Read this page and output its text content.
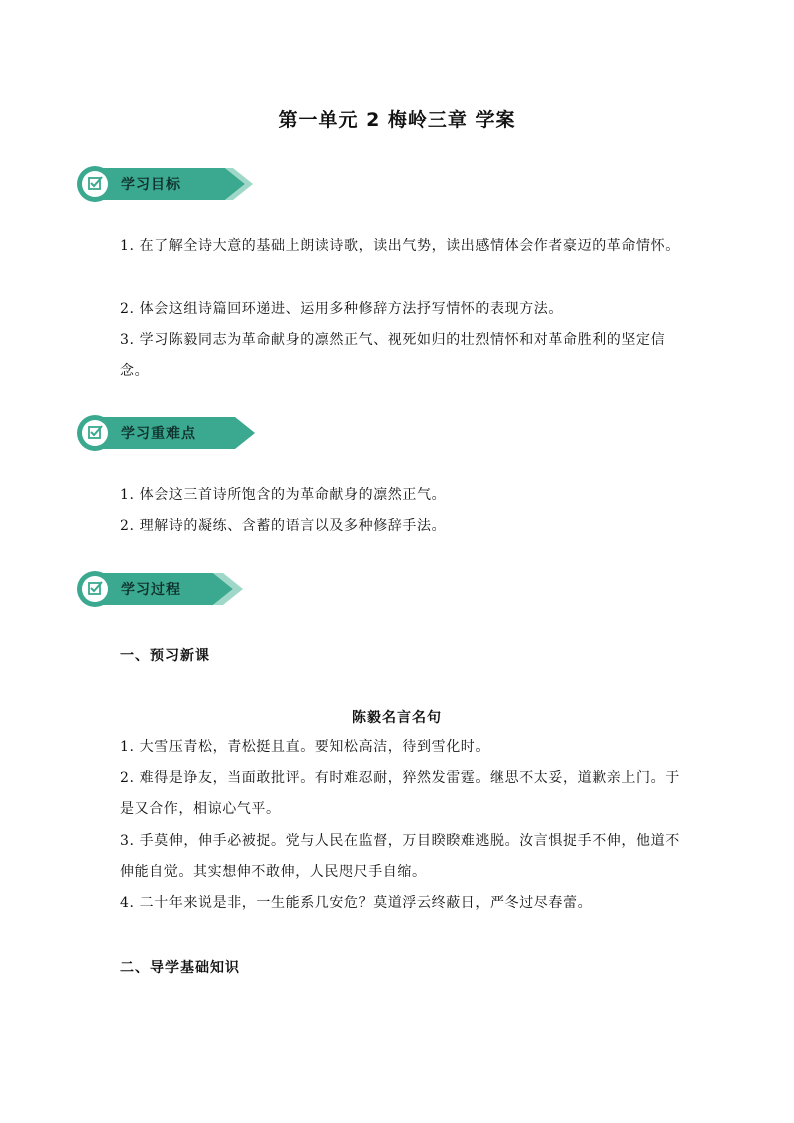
第一单元 2 梅岭三章 学案
学习目标

1. 在了解全诗大意的基础上朗读诗歌，读出气势，读出感情体会作者豪迈的革命情怀。

2. 体会这组诗篇回环递进、运用多种修辞方法抒写情怀的表现方法。

3. 学习陈毅同志为革命献身的凛然正气、视死如归的壮烈情怀和对革命胜利的坚定信念。

学习重难点

1. 体会这三首诗所饱含的为革命献身的凛然正气。

2. 理解诗的凝练、含蓄的语言以及多种修辞手法。

学习过程
一、预习新课
陈毅名言名句

1. 大雪压青松，青松挺且直。要知松高洁，待到雪化时。

2. 难得是诤友，当面敢批评。有时难忍耐，猝然发雷霆。继思不太妥，道歉亲上门。于是又合作，相谅心气平。

3. 手莫伸，伸手必被捉。党与人民在监督，万目睽睽难逃脱。汝言惧捉手不伸，他道不伸能自觉。其实想伸不敢伸，人民咫尺手自缩。

4. 二十年来说是非，一生能系几安危？莫道浮云终蔽日，严冬过尽春蕾。

二、导学基础知识
